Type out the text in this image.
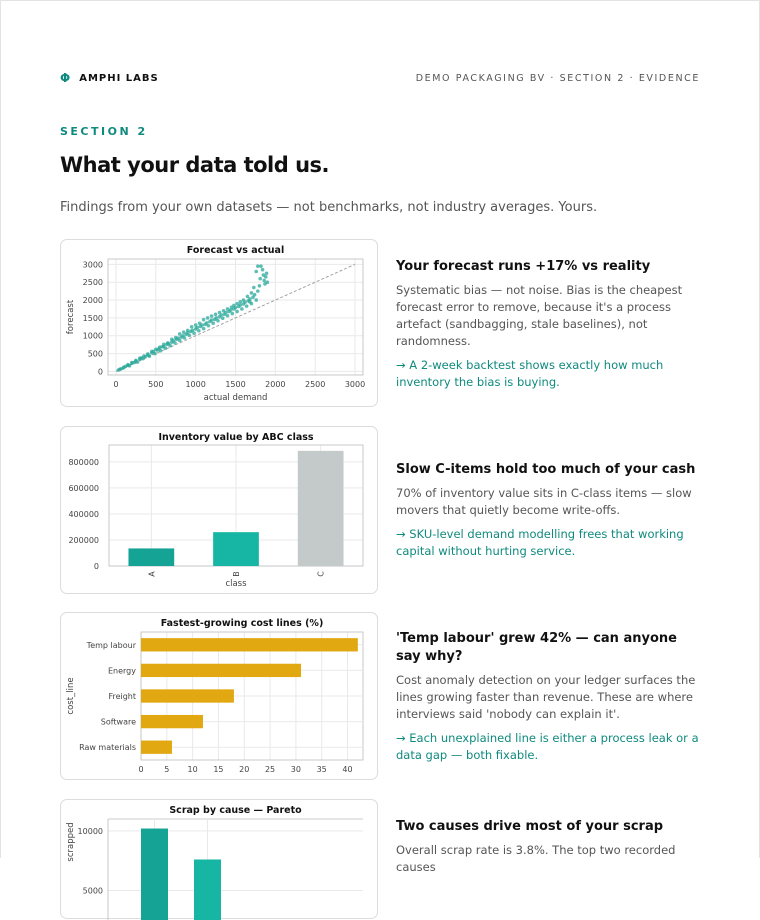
Φ AMPHI LABS	DEMO PACKAGING BV · SECTION 2 · EVIDENCE
SECTION 2
What your data told us.
Findings from your own datasets — not benchmarks, not industry averages. Yours.
Forecast vs actual
0	500	1000 1500 2000 2500 3000
0
500
1000
1500
2000
2500
3000
actual demand
forecast
Your forecast runs +17% vs reality

Systematic bias — not noise. Bias is the cheapest forecast error to remove, because it's a process artefact (sandbagging, stale baselines), not randomness.

→ A 2-week backtest shows exactly how much inventory the bias is buying.
Inventory value by ABC class
0
200000
400000
600000
800000
A	B	C
class
Slow C-items hold too much of your cash

70% of inventory value sits in C-class items — slow movers that quietly become write-offs.

→ SKU-level demand modelling frees that working capital without hurting service.
Fastest-growing cost lines (%)
0	5 10 15 20 25 30 35 40
Temp labour
Energy
Freight
Software
Raw materials
cost_line
'Temp labour' grew 42% — can anyone say why?

Cost anomaly detection on your ledger surfaces the lines growing faster than revenue. These are where interviews said 'nobody can explain it'.

→ Each unexplained line is either a process leak or a data gap — both fixable.
Scrap by cause — Pareto
5000
10000
scrapped	Two causes drive most of your scrap

Overall scrap rate is 3.8%. The top two recorded causes
